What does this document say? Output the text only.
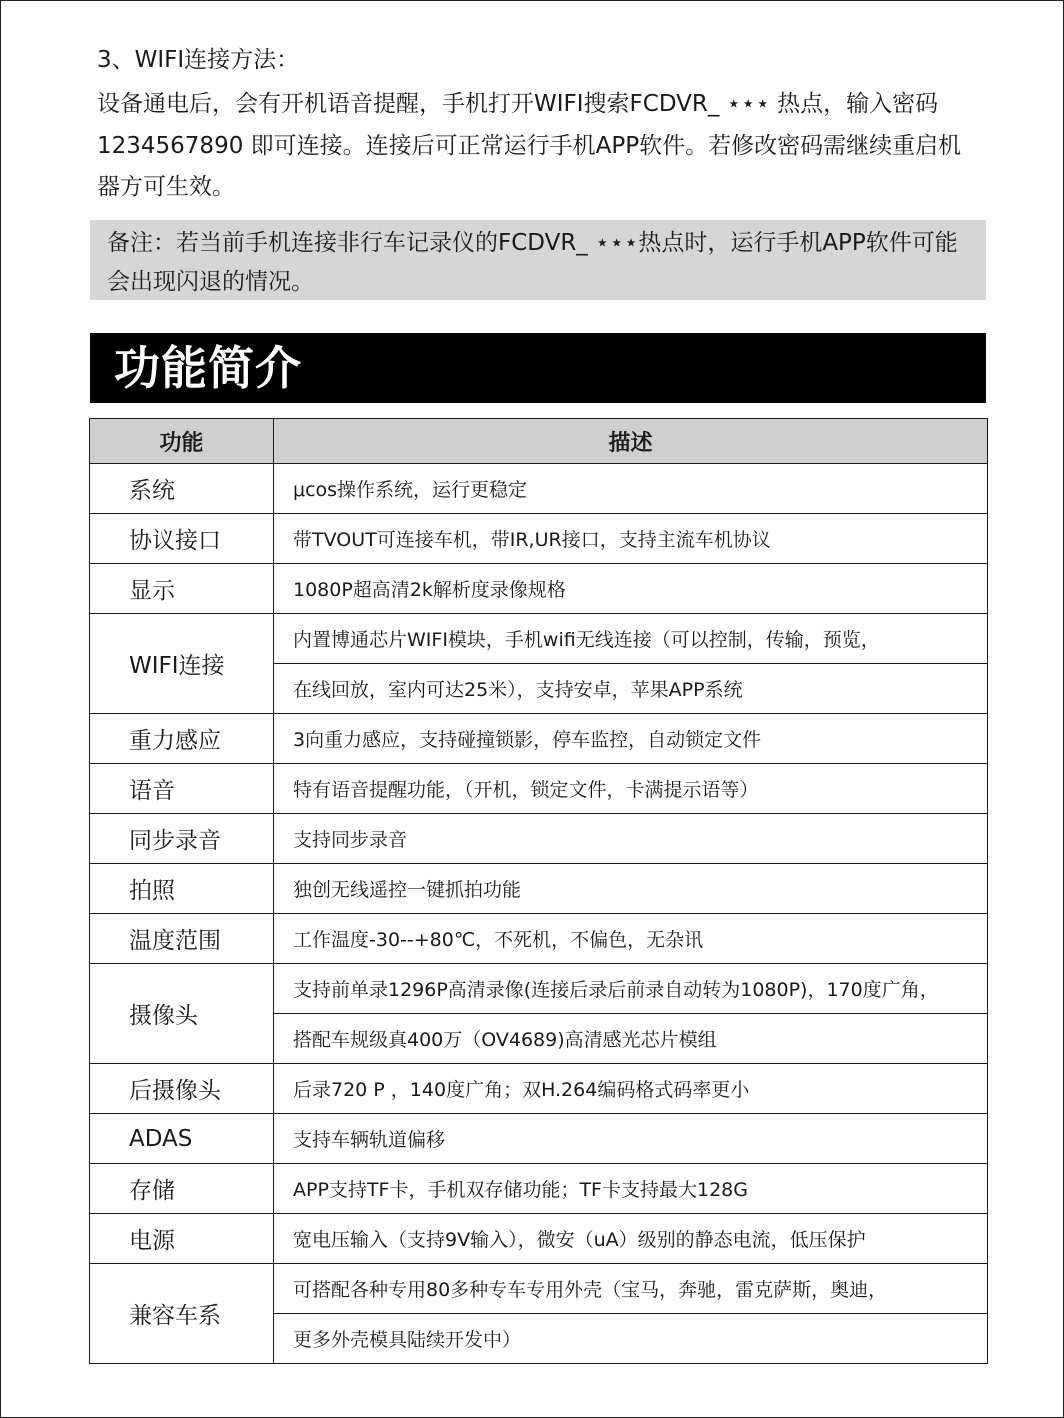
3、WIFI连接方法：

设备通电后，会有开机语音提醒，手机打开WIFI搜索FCDVR_ ⋆⋆⋆ 热点，输入密码 1234567890 即可连接。连接后可正常运行手机APP软件。若修改密码需继续重启机器方可生效。

备注：若当前手机连接非行车记录仪的FCDVR_ ⋆⋆⋆热点时，运行手机APP软件可能会出现闪退的情况。
功能简介
功能	描述
系统	μcos操作系统，运行更稳定
协议接口	带TVOUT可连接车机，带IR,UR接口，支持主流车机协议
显示	1080P超高清2k解析度录像规格
WIFI连接	内置博通芯片WIFI模块，手机wifi无线连接（可以控制，传输，预览，
	在线回放，室内可达25米），支持安卓，苹果APP系统
重力感应	3向重力感应，支持碰撞锁影，停车监控，自动锁定文件
语音	特有语音提醒功能，（开机，锁定文件，卡满提示语等）
同步录音	支持同步录音
拍照	独创无线遥控一键抓拍功能
温度范围	工作温度-30--+80℃，不死机，不偏色，无杂讯
摄像头	支持前单录1296P高清录像(连接后录后前录自动转为1080P)，170度广角，
	搭配车规级真400万（OV4689)高清感光芯片模组
后摄像头	后录720 P ，140度广角；双H.264编码格式码率更小
ADAS	支持车辆轨道偏移
存储	APP支持TF卡，手机双存储功能；TF卡支持最大128G
电源	宽电压输入（支持9V输入），微安（uA）级别的静态电流，低压保护
兼容车系	可搭配各种专用80多种专车专用外壳（宝马，奔驰，雷克萨斯，奥迪，
	更多外壳模具陆续开发中）
